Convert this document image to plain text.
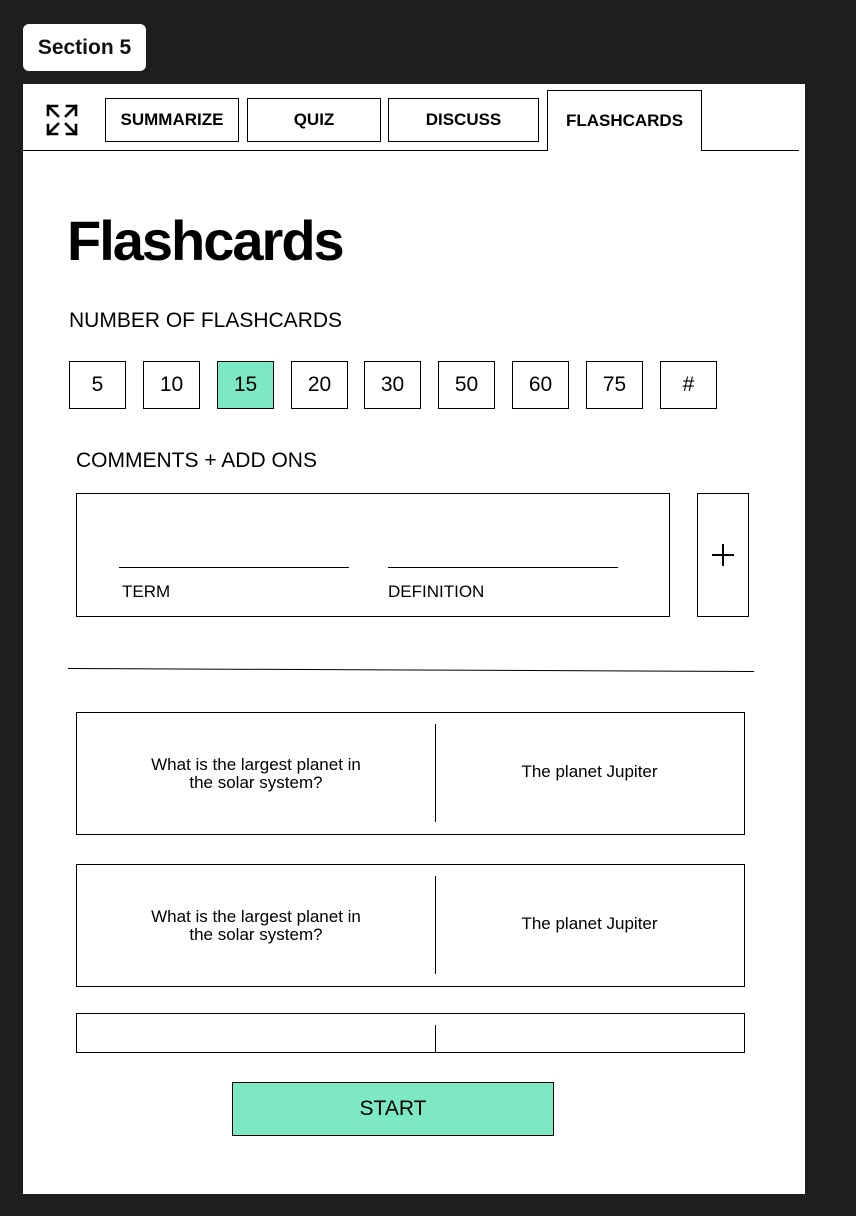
Section 5
SUMMARIZE	QUIZ	DISCUSS	FLASHCARDS
Flashcards
NUMBER OF FLASHCARDS
5	10	15	20	30	50	60	75	#
COMMENTS + ADD ONS
TERM	DEFINITION
What is the largest planet in the solar system?
The planet Jupiter
What is the largest planet in the solar system?
The planet Jupiter
START
